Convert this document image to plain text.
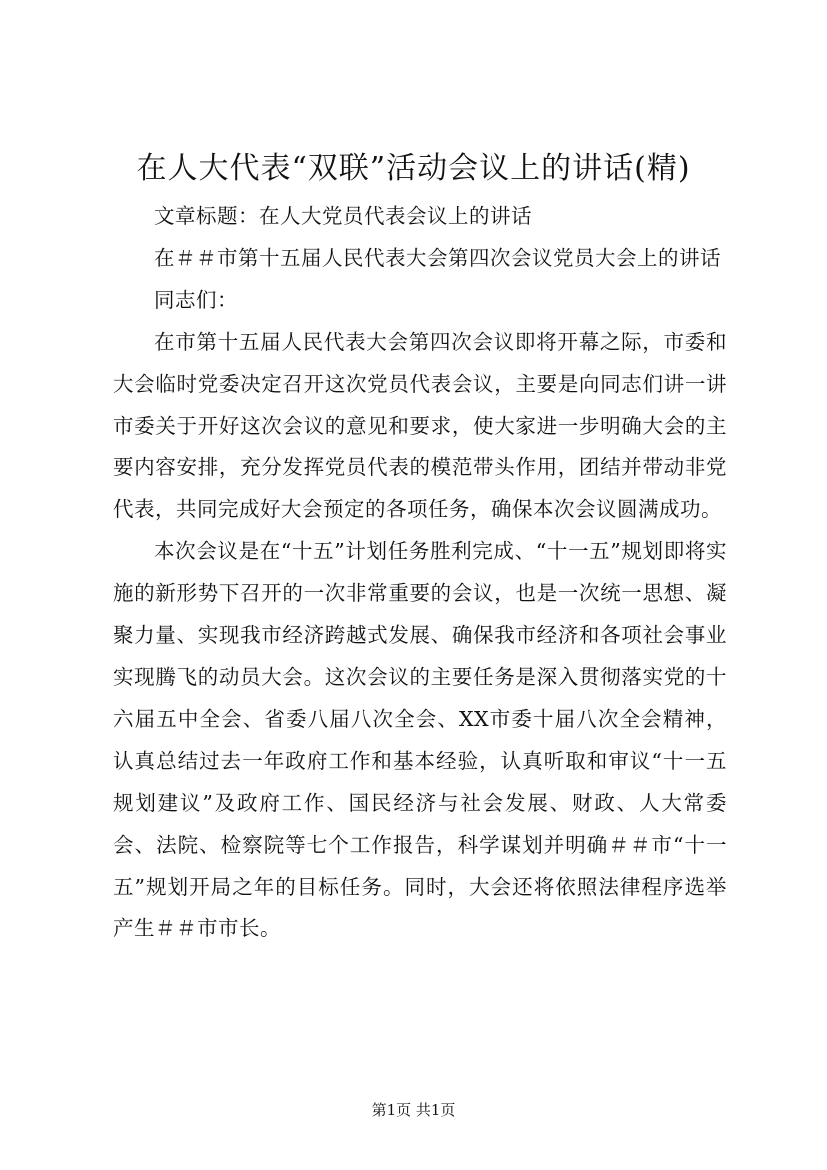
在人大代表“双联”活动会议上的讲话(精)

文章标题：在人大党员代表会议上的讲话

在＃＃市第十五届人民代表大会第四次会议党员大会上的讲话

同志们：

在市第十五届人民代表大会第四次会议即将开幕之际，市委和大会临时党委决定召开这次党员代表会议，主要是向同志们讲一讲市委关于开好这次会议的意见和要求，使大家进一步明确大会的主要内容安排，充分发挥党员代表的模范带头作用，团结并带动非党代表，共同完成好大会预定的各项任务，确保本次会议圆满成功。

本次会议是在“十五”计划任务胜利完成、“十一五”规划即将实施的新形势下召开的一次非常重要的会议，也是一次统一思想、凝聚力量、实现我市经济跨越式发展、确保我市经济和各项社会事业实现腾飞的动员大会。这次会议的主要任务是深入贯彻落实党的十六届五中全会、省委八届八次全会、XX市委十届八次全会精神，认真总结过去一年政府工作和基本经验，认真听取和审议“十一五规划建议”及政府工作、国民经济与社会发展、财政、人大常委会、法院、检察院等七个工作报告，科学谋划并明确＃＃市“十一五”规划开局之年的目标任务。同时，大会还将依照法律程序选举产生＃＃市市长。

第1页 共1页
